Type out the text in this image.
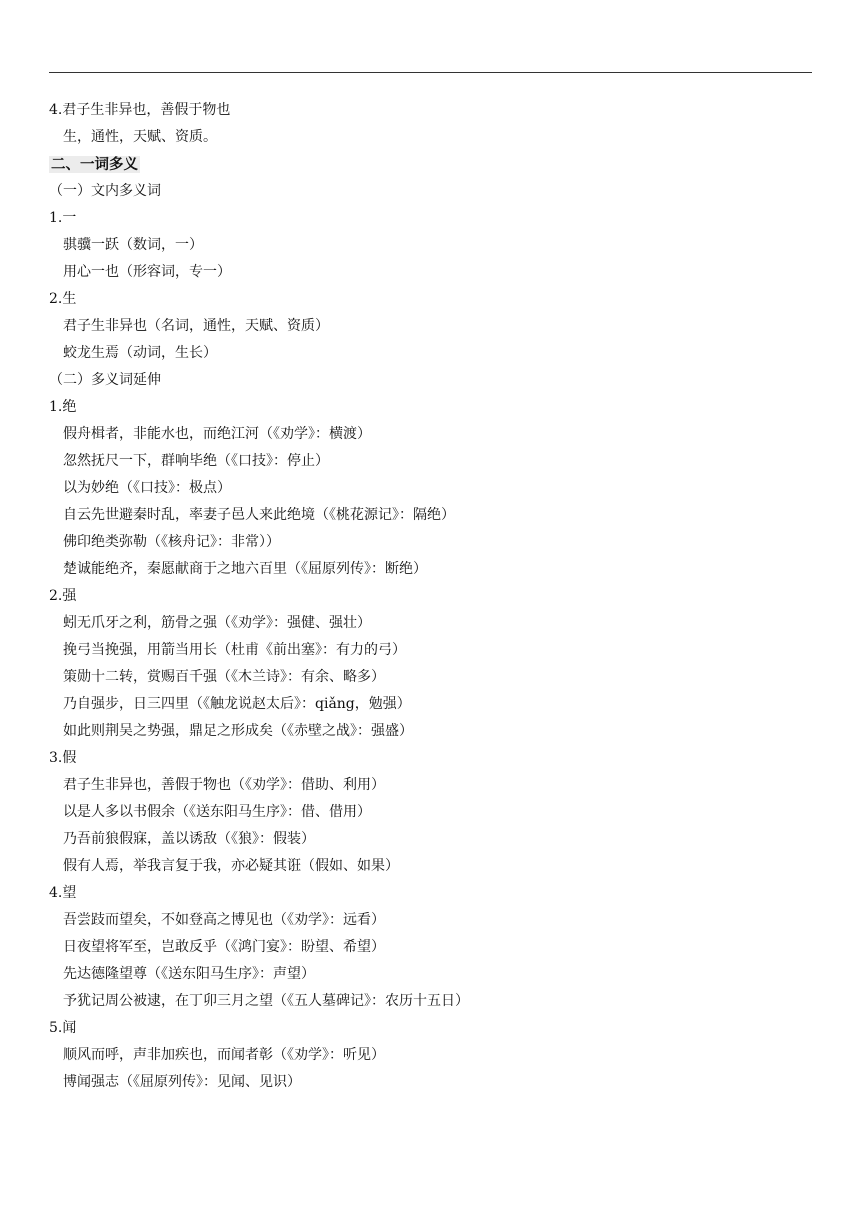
4.君子生非异也，善假于物也
生，通性，天赋、资质。
二、一词多义
（一）文内多义词
1.一
骐骥一跃（数词，一）
用心一也（形容词，专一）
2.生
君子生非异也（名词，通性，天赋、资质）
蛟龙生焉（动词，生长）
（二）多义词延伸
1.绝
假舟楫者，非能水也，而绝江河（《劝学》：横渡）
忽然抚尺一下，群响毕绝（《口技》：停止）
以为妙绝（《口技》：极点）
自云先世避秦时乱，率妻子邑人来此绝境（《桃花源记》：隔绝）
佛印绝类弥勒（《核舟记》：非常））
楚诚能绝齐，秦愿献商于之地六百里（《屈原列传》：断绝）
2.强
蚓无爪牙之利，筋骨之强（《劝学》：强健、强壮）
挽弓当挽强，用箭当用长（杜甫《前出塞》：有力的弓）
策勋十二转，赏赐百千强（《木兰诗》：有余、略多）
乃自强步，日三四里（《触龙说赵太后》：qiǎng，勉强）
如此则荆吴之势强，鼎足之形成矣（《赤壁之战》：强盛）
3.假
君子生非异也，善假于物也（《劝学》：借助、利用）
以是人多以书假余（《送东阳马生序》：借、借用）
乃吾前狼假寐，盖以诱敌（《狼》：假装）
假有人焉，举我言复于我，亦必疑其诳（假如、如果）
4.望
吾尝跂而望矣，不如登高之博见也（《劝学》：远看）
日夜望将军至，岂敢反乎（《鸿门宴》：盼望、希望）
先达德隆望尊（《送东阳马生序》：声望）
予犹记周公被逮，在丁卯三月之望（《五人墓碑记》：农历十五日）
5.闻
顺风而呼，声非加疾也，而闻者彰（《劝学》：听见）
博闻强志（《屈原列传》：见闻、见识）
